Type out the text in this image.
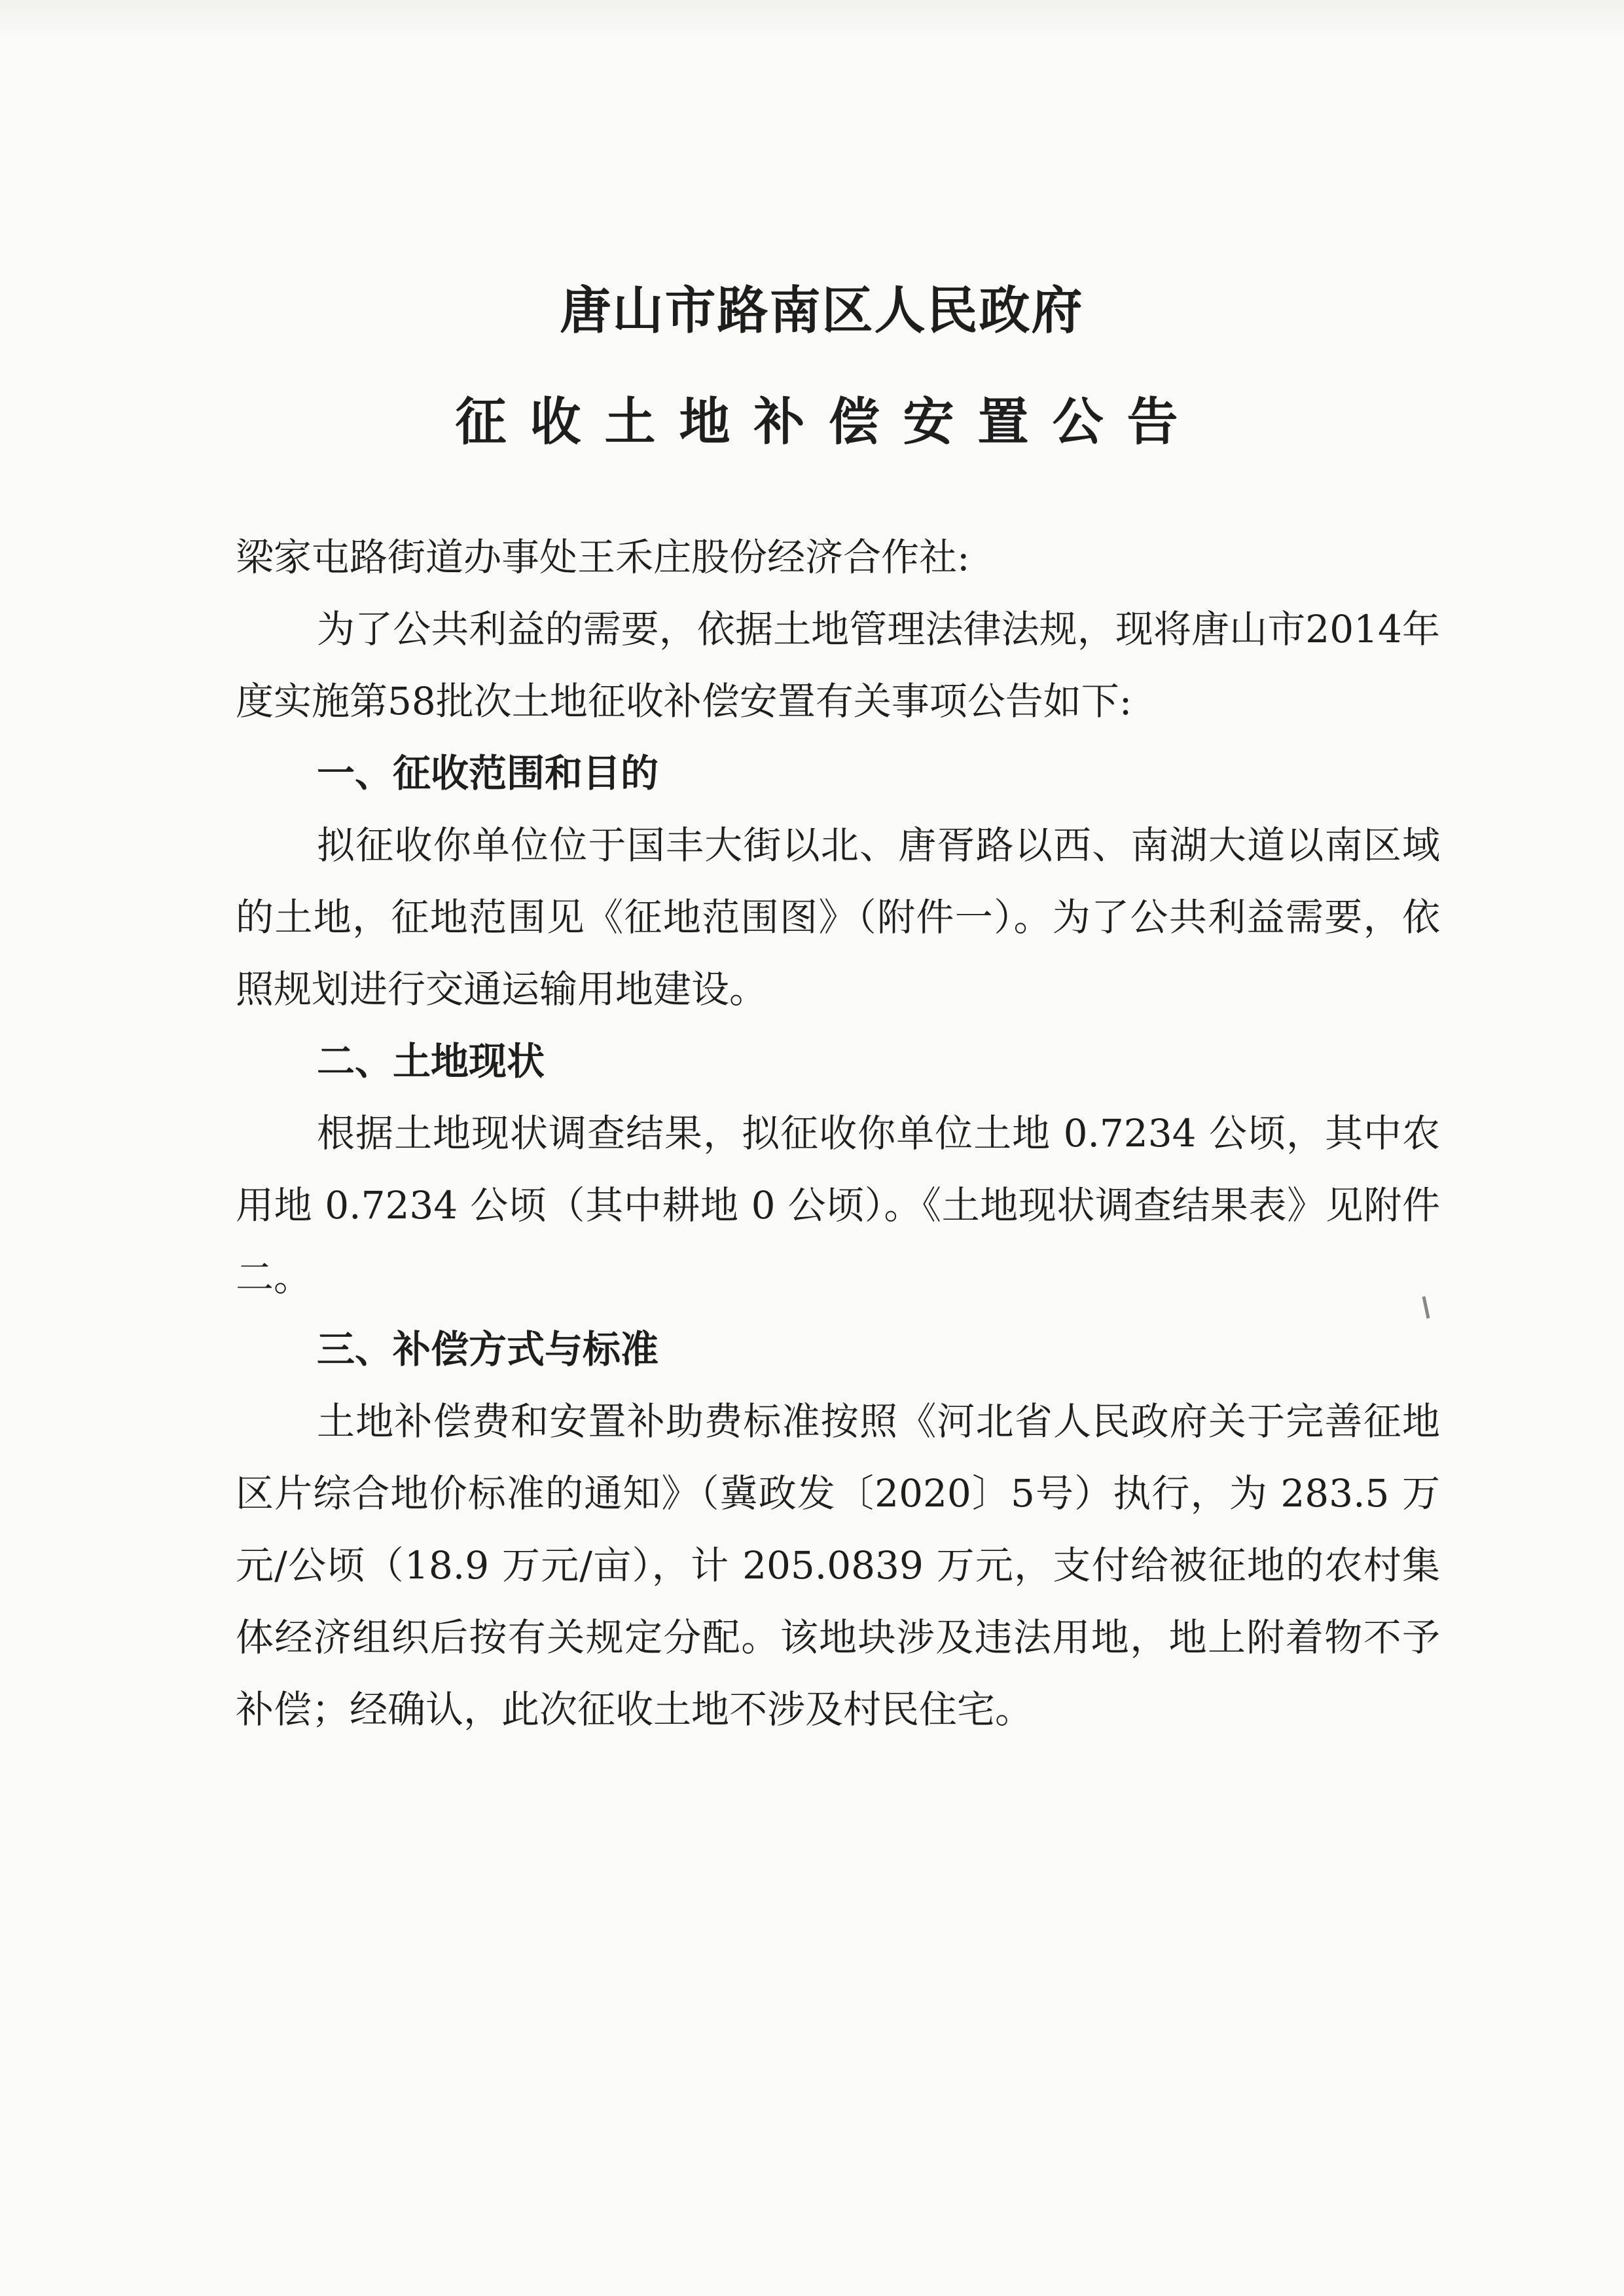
唐山市路南区人民政府
征收土地补偿安置公告

梁家屯路街道办事处王禾庄股份经济合作社:

为了公共利益的需要，依据土地管理法律法规，现将唐山市2014年度实施第58批次土地征收补偿安置有关事项公告如下:

一、征收范围和目的

拟征收你单位位于国丰大街以北、唐胥路以西、南湖大道以南区域的土地，征地范围见《征地范围图》（附件一）。为了公共利益需要，依照规划进行交通运输用地建设。

二、土地现状

根据土地现状调查结果，拟征收你单位土地 0.7234 公顷，其中农用地 0.7234 公顷（其中耕地 0 公顷）。《土地现状调查结果表》见附件二。

三、补偿方式与标准

土地补偿费和安置补助费标准按照《河北省人民政府关于完善征地区片综合地价标准的通知》（冀政发〔2020〕5号）执行，为 283.5 万元/公顷（18.9 万元/亩），计 205.0839 万元，支付给被征地的农村集体经济组织后按有关规定分配。该地块涉及违法用地，地上附着物不予补偿；经确认，此次征收土地不涉及村民住宅。
